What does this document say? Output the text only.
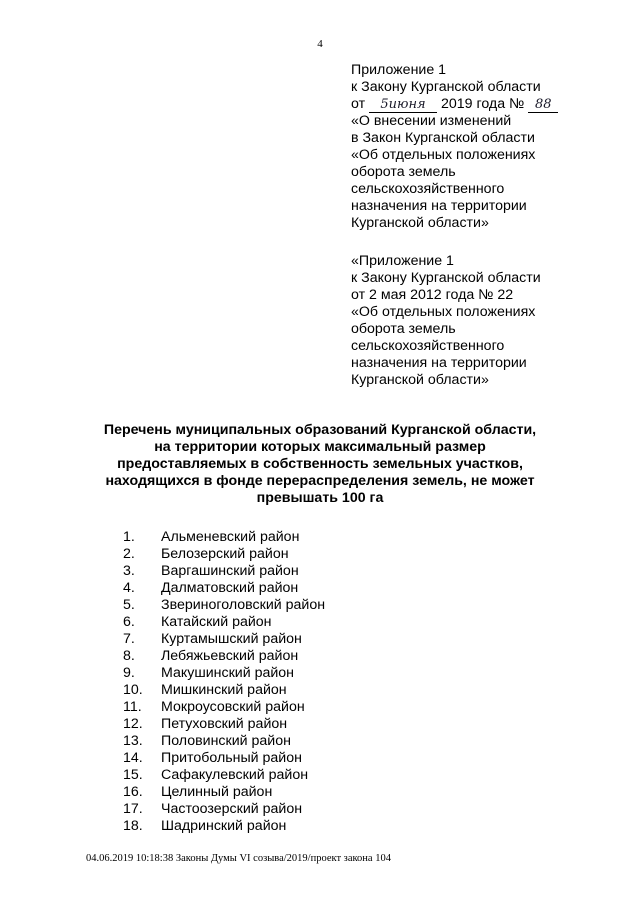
4
Приложение 1
к Закону Курганской области
от 5июня 2019 года № 88
«О внесении изменений
в Закон Курганской области
«Об отдельных положениях
оборота земель
сельскохозяйственного
назначения на территории
Курганской области»
«Приложение 1
к Закону Курганской области
от 2 мая 2012 года № 22
«Об отдельных положениях
оборота земель
сельскохозяйственного
назначения на территории
Курганской области»
Перечень муниципальных образований Курганской области,
на территории которых максимальный размер
предоставляемых в собственность земельных участков,
находящихся в фонде перераспределения земель, не может
превышать 100 га
1. Альменевский район
2. Белозерский район
3. Варгашинский район
4. Далматовский район
5. Звериноголовский район
6. Катайский район
7. Куртамышский район
8. Лебяжьевский район
9. Макушинский район
10. Мишкинский район
11. Мокроусовский район
12. Петуховский район
13. Половинский район
14. Притобольный район
15. Сафакулевский район
16. Целинный район
17. Частоозерский район
18. Шадринский район
04.06.2019 10:18:38 Законы Думы VI созыва/2019/проект закона 104
